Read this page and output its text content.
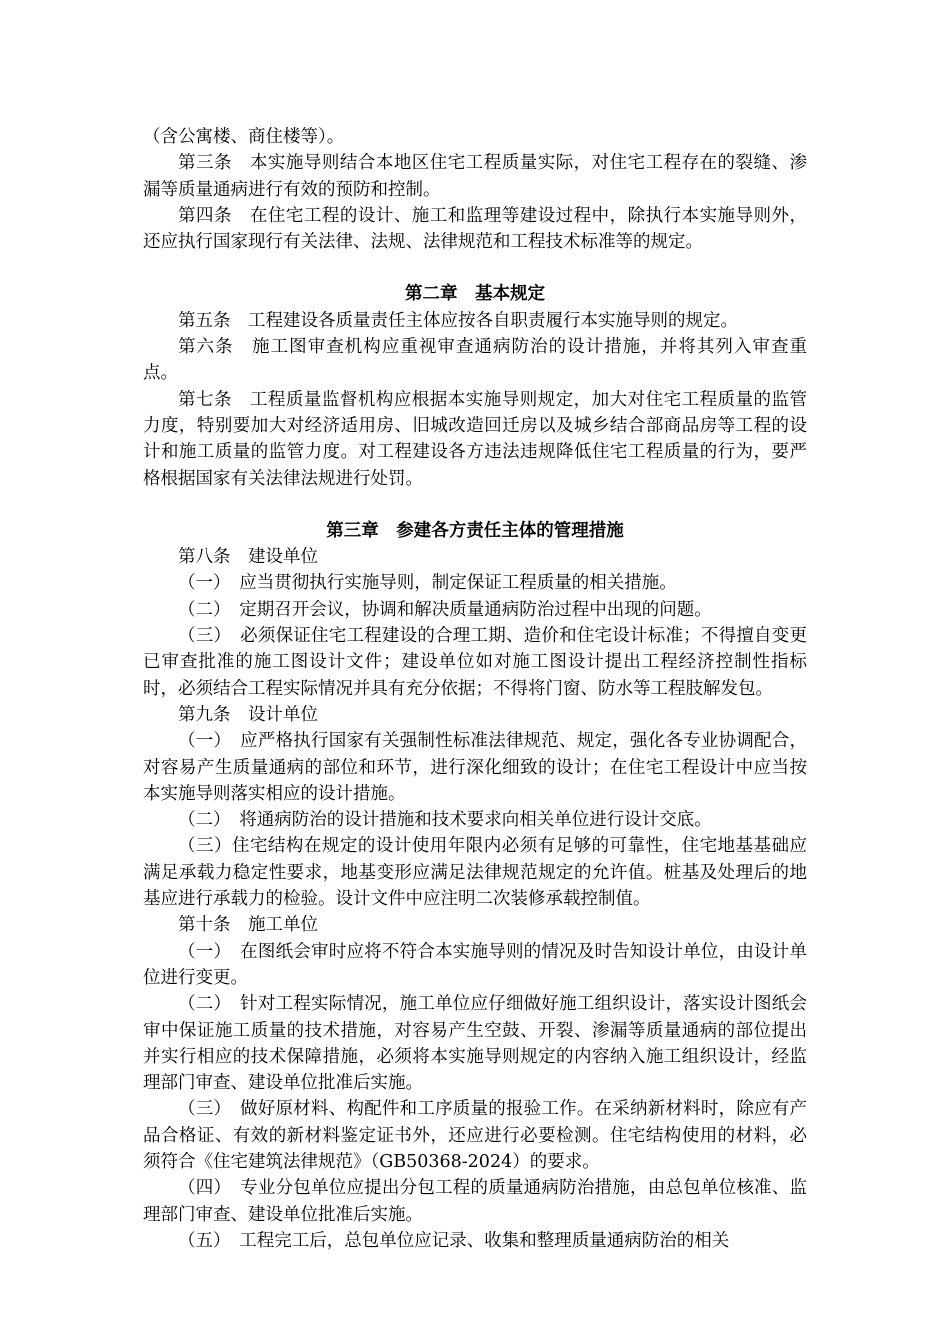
（含公寓楼、商住楼等）。

第三条　本实施导则结合本地区住宅工程质量实际，对住宅工程存在的裂缝、渗漏等质量通病进行有效的预防和控制。

第四条　在住宅工程的设计、施工和监理等建设过程中，除执行本实施导则外，还应执行国家现行有关法律、法规、法律规范和工程技术标准等的规定。

第二章　基本规定

第五条　工程建设各质量责任主体应按各自职责履行本实施导则的规定。

第六条　施工图审查机构应重视审查通病防治的设计措施，并将其列入审查重点。

第七条　工程质量监督机构应根据本实施导则规定，加大对住宅工程质量的监管力度，特别要加大对经济适用房、旧城改造回迁房以及城乡结合部商品房等工程的设计和施工质量的监管力度。对工程建设各方违法违规降低住宅工程质量的行为，要严格根据国家有关法律法规进行处罚。

第三章　参建各方责任主体的管理措施

第八条　建设单位

（一）　应当贯彻执行实施导则，制定保证工程质量的相关措施。

（二）　定期召开会议，协调和解决质量通病防治过程中出现的问题。

（三）　必须保证住宅工程建设的合理工期、造价和住宅设计标准；不得擅自变更已审查批准的施工图设计文件；建设单位如对施工图设计提出工程经济控制性指标时，必须结合工程实际情况并具有充分依据；不得将门窗、防水等工程肢解发包。

第九条　设计单位

（一）　应严格执行国家有关强制性标准法律规范、规定，强化各专业协调配合，对容易产生质量通病的部位和环节，进行深化细致的设计；在住宅工程设计中应当按本实施导则落实相应的设计措施。

（二）　将通病防治的设计措施和技术要求向相关单位进行设计交底。

（三）住宅结构在规定的设计使用年限内必须有足够的可靠性，住宅地基基础应满足承载力稳定性要求，地基变形应满足法律规范规定的允许值。桩基及处理后的地基应进行承载力的检验。设计文件中应注明二次装修承载控制值。

第十条　施工单位

（一）　在图纸会审时应将不符合本实施导则的情况及时告知设计单位，由设计单位进行变更。

（二）　针对工程实际情况，施工单位应仔细做好施工组织设计，落实设计图纸会审中保证施工质量的技术措施，对容易产生空鼓、开裂、渗漏等质量通病的部位提出并实行相应的技术保障措施，必须将本实施导则规定的内容纳入施工组织设计，经监理部门审查、建设单位批准后实施。

（三）　做好原材料、构配件和工序质量的报验工作。在采纳新材料时，除应有产品合格证、有效的新材料鉴定证书外，还应进行必要检测。住宅结构使用的材料，必须符合《住宅建筑法律规范》（GB50368-2024）的要求。

（四）　专业分包单位应提出分包工程的质量通病防治措施，由总包单位核准、监理部门审查、建设单位批准后实施。

（五）　工程完工后，总包单位应记录、收集和整理质量通病防治的相关
